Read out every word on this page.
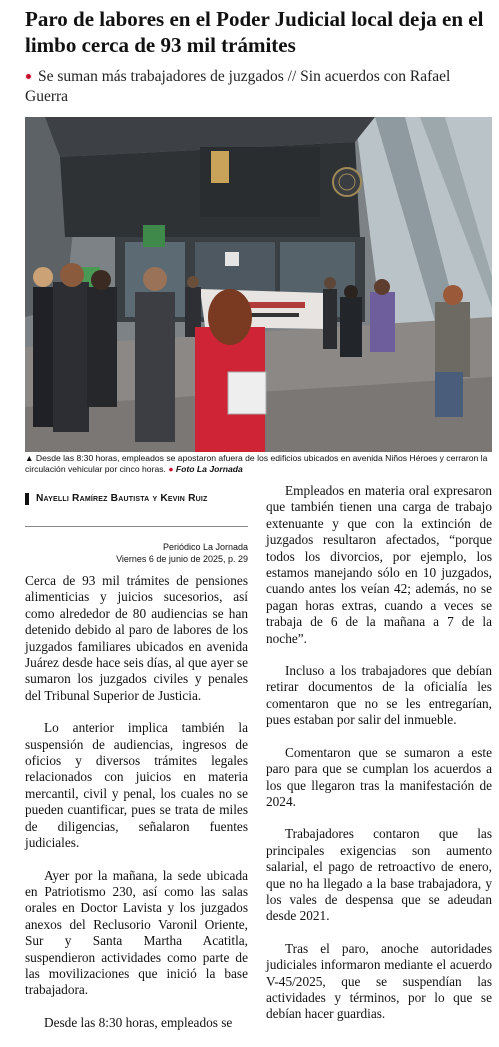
Paro de labores en el Poder Judicial local deja en el limbo cerca de 93 mil trámites
Se suman más trabajadores de juzgados // Sin acuerdos con Rafael Guerra
▲ Desde las 8:30 horas, empleados se apostaron afuera de los edificios ubicados en avenida Niños Héroes y cerraron la circulación vehicular por cinco horas. ● Foto La Jornada
Nayelli Ramírez Bautista y Kevin Ruiz
Periódico La Jornada
Viernes 6 de junio de 2025, p. 29

Cerca de 93 mil trámites de pensiones alimenticias y juicios sucesorios, así como alrededor de 80 audiencias se han detenido debido al paro de labores de los juzgados familiares ubicados en avenida Juárez desde hace seis días, al que ayer se sumaron los juzgados civiles y penales del Tribunal Superior de Justicia.

Lo anterior implica también la suspensión de audiencias, ingresos de oficios y diversos trámites legales relacionados con juicios en materia mercantil, civil y penal, los cuales no se pueden cuantificar, pues se trata de miles de diligencias, señalaron fuentes judiciales.

Ayer por la mañana, la sede ubicada en Patriotismo 230, así como las salas orales en Doctor Lavista y los juzgados anexos del Reclusorio Varonil Oriente, Sur y Santa Martha Acatitla, suspendieron actividades como parte de las movilizaciones que inició la base trabajadora.

Desde las 8:30 horas, empleados se

Empleados en materia oral expresaron que también tienen una carga de trabajo extenuante y que con la extinción de juzgados resultaron afectados, “porque todos los divorcios, por ejemplo, los estamos manejando sólo en 10 juzgados, cuando antes los veían 42; además, no se pagan horas extras, cuando a veces se trabaja de 6 de la mañana a 7 de la noche”.

Incluso a los trabajadores que debían retirar documentos de la oficialía les comentaron que no se les entregarían, pues estaban por salir del inmueble.

Comentaron que se sumaron a este paro para que se cumplan los acuerdos a los que llegaron tras la manifestación de 2024.

Trabajadores contaron que las principales exigencias son aumento salarial, el pago de retroactivo de enero, que no ha llegado a la base trabajadora, y los vales de despensa que se adeudan desde 2021.

Tras el paro, anoche autoridades judiciales informaron mediante el acuerdo V-45/2025, que se suspendían las actividades y términos, por lo que se debían hacer guardias.
